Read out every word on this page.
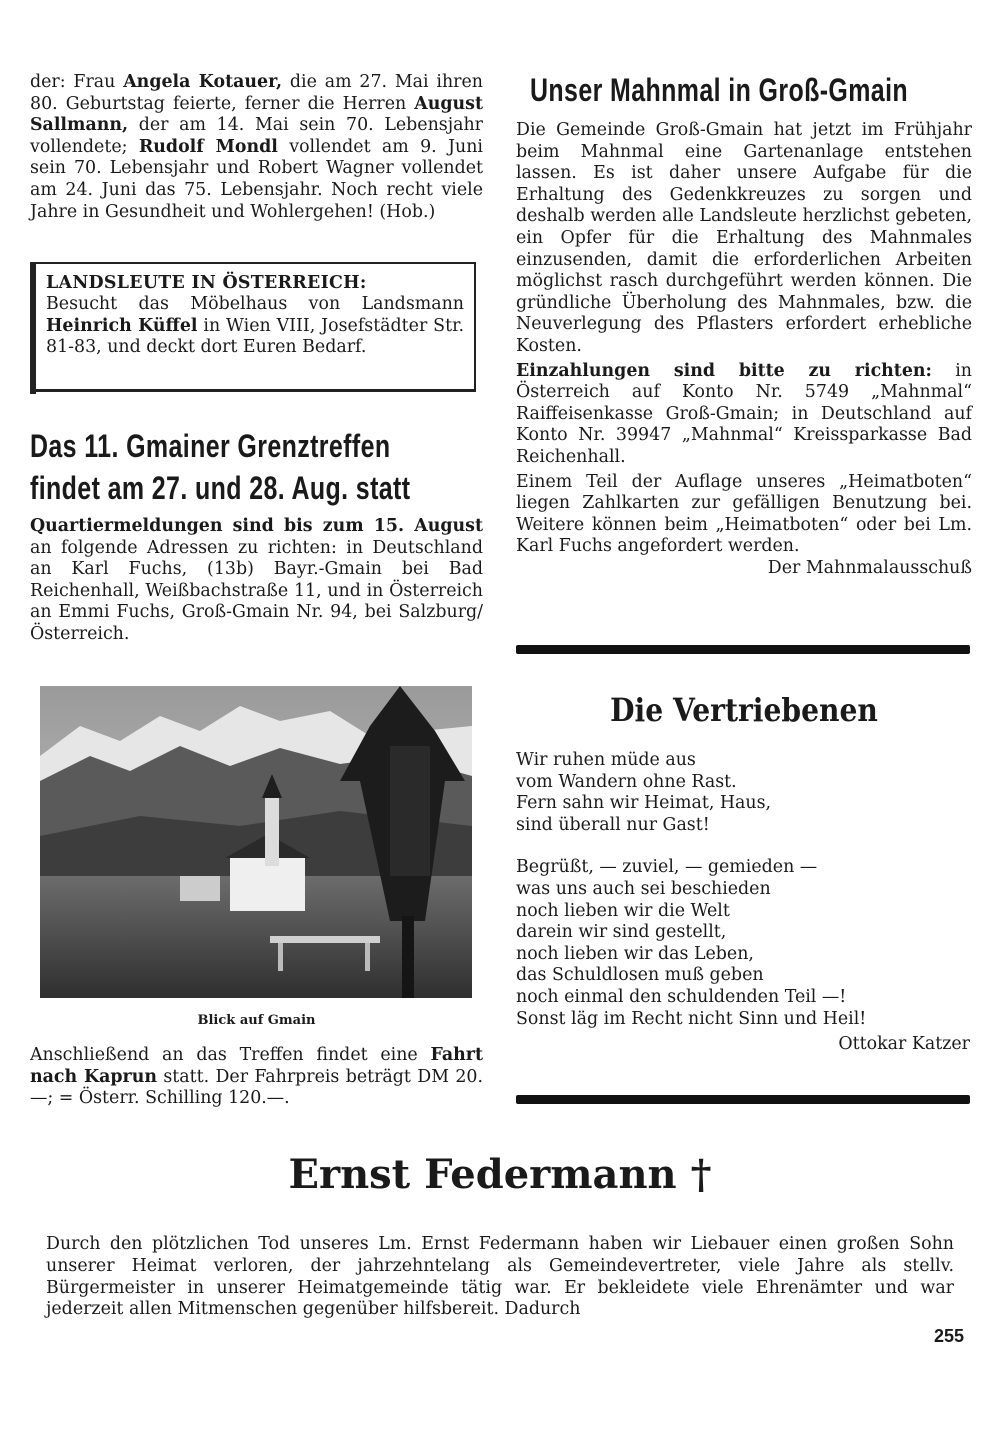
der: Frau Angela Kotauer, die am 27. Mai ihren 80. Geburtstag feierte, ferner die Herren August Sallmann, der am 14. Mai sein 70. Lebensjahr vollendete; Rudolf Mondl vollendet am 9. Juni sein 70. Lebensjahr und Robert Wagner vollendet am 24. Juni das 75. Lebensjahr. Noch recht viele Jahre in Gesundheit und Wohlergehen! (Hob.)

LANDSLEUTE IN ÖSTERREICH:
Besucht das Möbelhaus von Landsmann Heinrich Küffel in Wien VIII, Josefstädter Str. 81-83, und deckt dort Euren Bedarf.
Das 11. Gmainer Grenztreffen
findet am 27. und 28. Aug. statt

Quartiermeldungen sind bis zum 15. August an folgende Adressen zu richten: in Deutschland an Karl Fuchs, (13b) Bayr.-Gmain bei Bad Reichenhall, Weißbachstraße 11, und in Österreich an Emmi Fuchs, Groß-Gmain Nr. 94, bei Salzburg/Österreich.

Blick auf Gmain

Anschließend an das Treffen findet eine Fahrt nach Kaprun statt. Der Fahrpreis beträgt DM 20.—; = Österr. Schilling 120.—.

Unser Mahnmal in Groß-Gmain

Die Gemeinde Groß-Gmain hat jetzt im Frühjahr beim Mahnmal eine Gartenanlage entstehen lassen. Es ist daher unsere Aufgabe für die Erhaltung des Gedenkkreuzes zu sorgen und deshalb werden alle Landsleute herzlichst gebeten, ein Opfer für die Erhaltung des Mahnmales einzusenden, damit die erforderlichen Arbeiten möglichst rasch durchgeführt werden können. Die gründliche Überholung des Mahnmales, bzw. die Neuverlegung des Pflasters erfordert erhebliche Kosten.

Einzahlungen sind bitte zu richten: in Österreich auf Konto Nr. 5749 „Mahnmal“ Raiffeisenkasse Groß-Gmain; in Deutschland auf Konto Nr. 39947 „Mahnmal“ Kreissparkasse Bad Reichenhall.

Einem Teil der Auflage unseres „Heimatboten“ liegen Zahlkarten zur gefälligen Benutzung bei. Weitere können beim „Heimatboten“ oder bei Lm. Karl Fuchs angefordert werden.
Der Mahnmalausschuß

Die Vertriebenen
Wir ruhen müde aus
vom Wandern ohne Rast.
Fern sahn wir Heimat, Haus,
sind überall nur Gast!
Begrüßt, — zuviel, — gemieden —
was uns auch sei beschieden
noch lieben wir die Welt
darein wir sind gestellt,
noch lieben wir das Leben,
das Schuldlosen muß geben
noch einmal den schuldenden Teil —!
Sonst läg im Recht nicht Sinn und Heil!
Ottokar Katzer
Ernst Federmann †

Durch den plötzlichen Tod unseres Lm. Ernst Federmann haben wir Liebauer einen großen Sohn unserer Heimat verloren, der jahrzehntelang als Gemeindevertreter, viele Jahre als stellv. Bürgermeister in unserer Heimatgemeinde tätig war. Er bekleidete viele Ehrenämter und war jederzeit allen Mitmenschen gegenüber hilfsbereit. Dadurch

255
